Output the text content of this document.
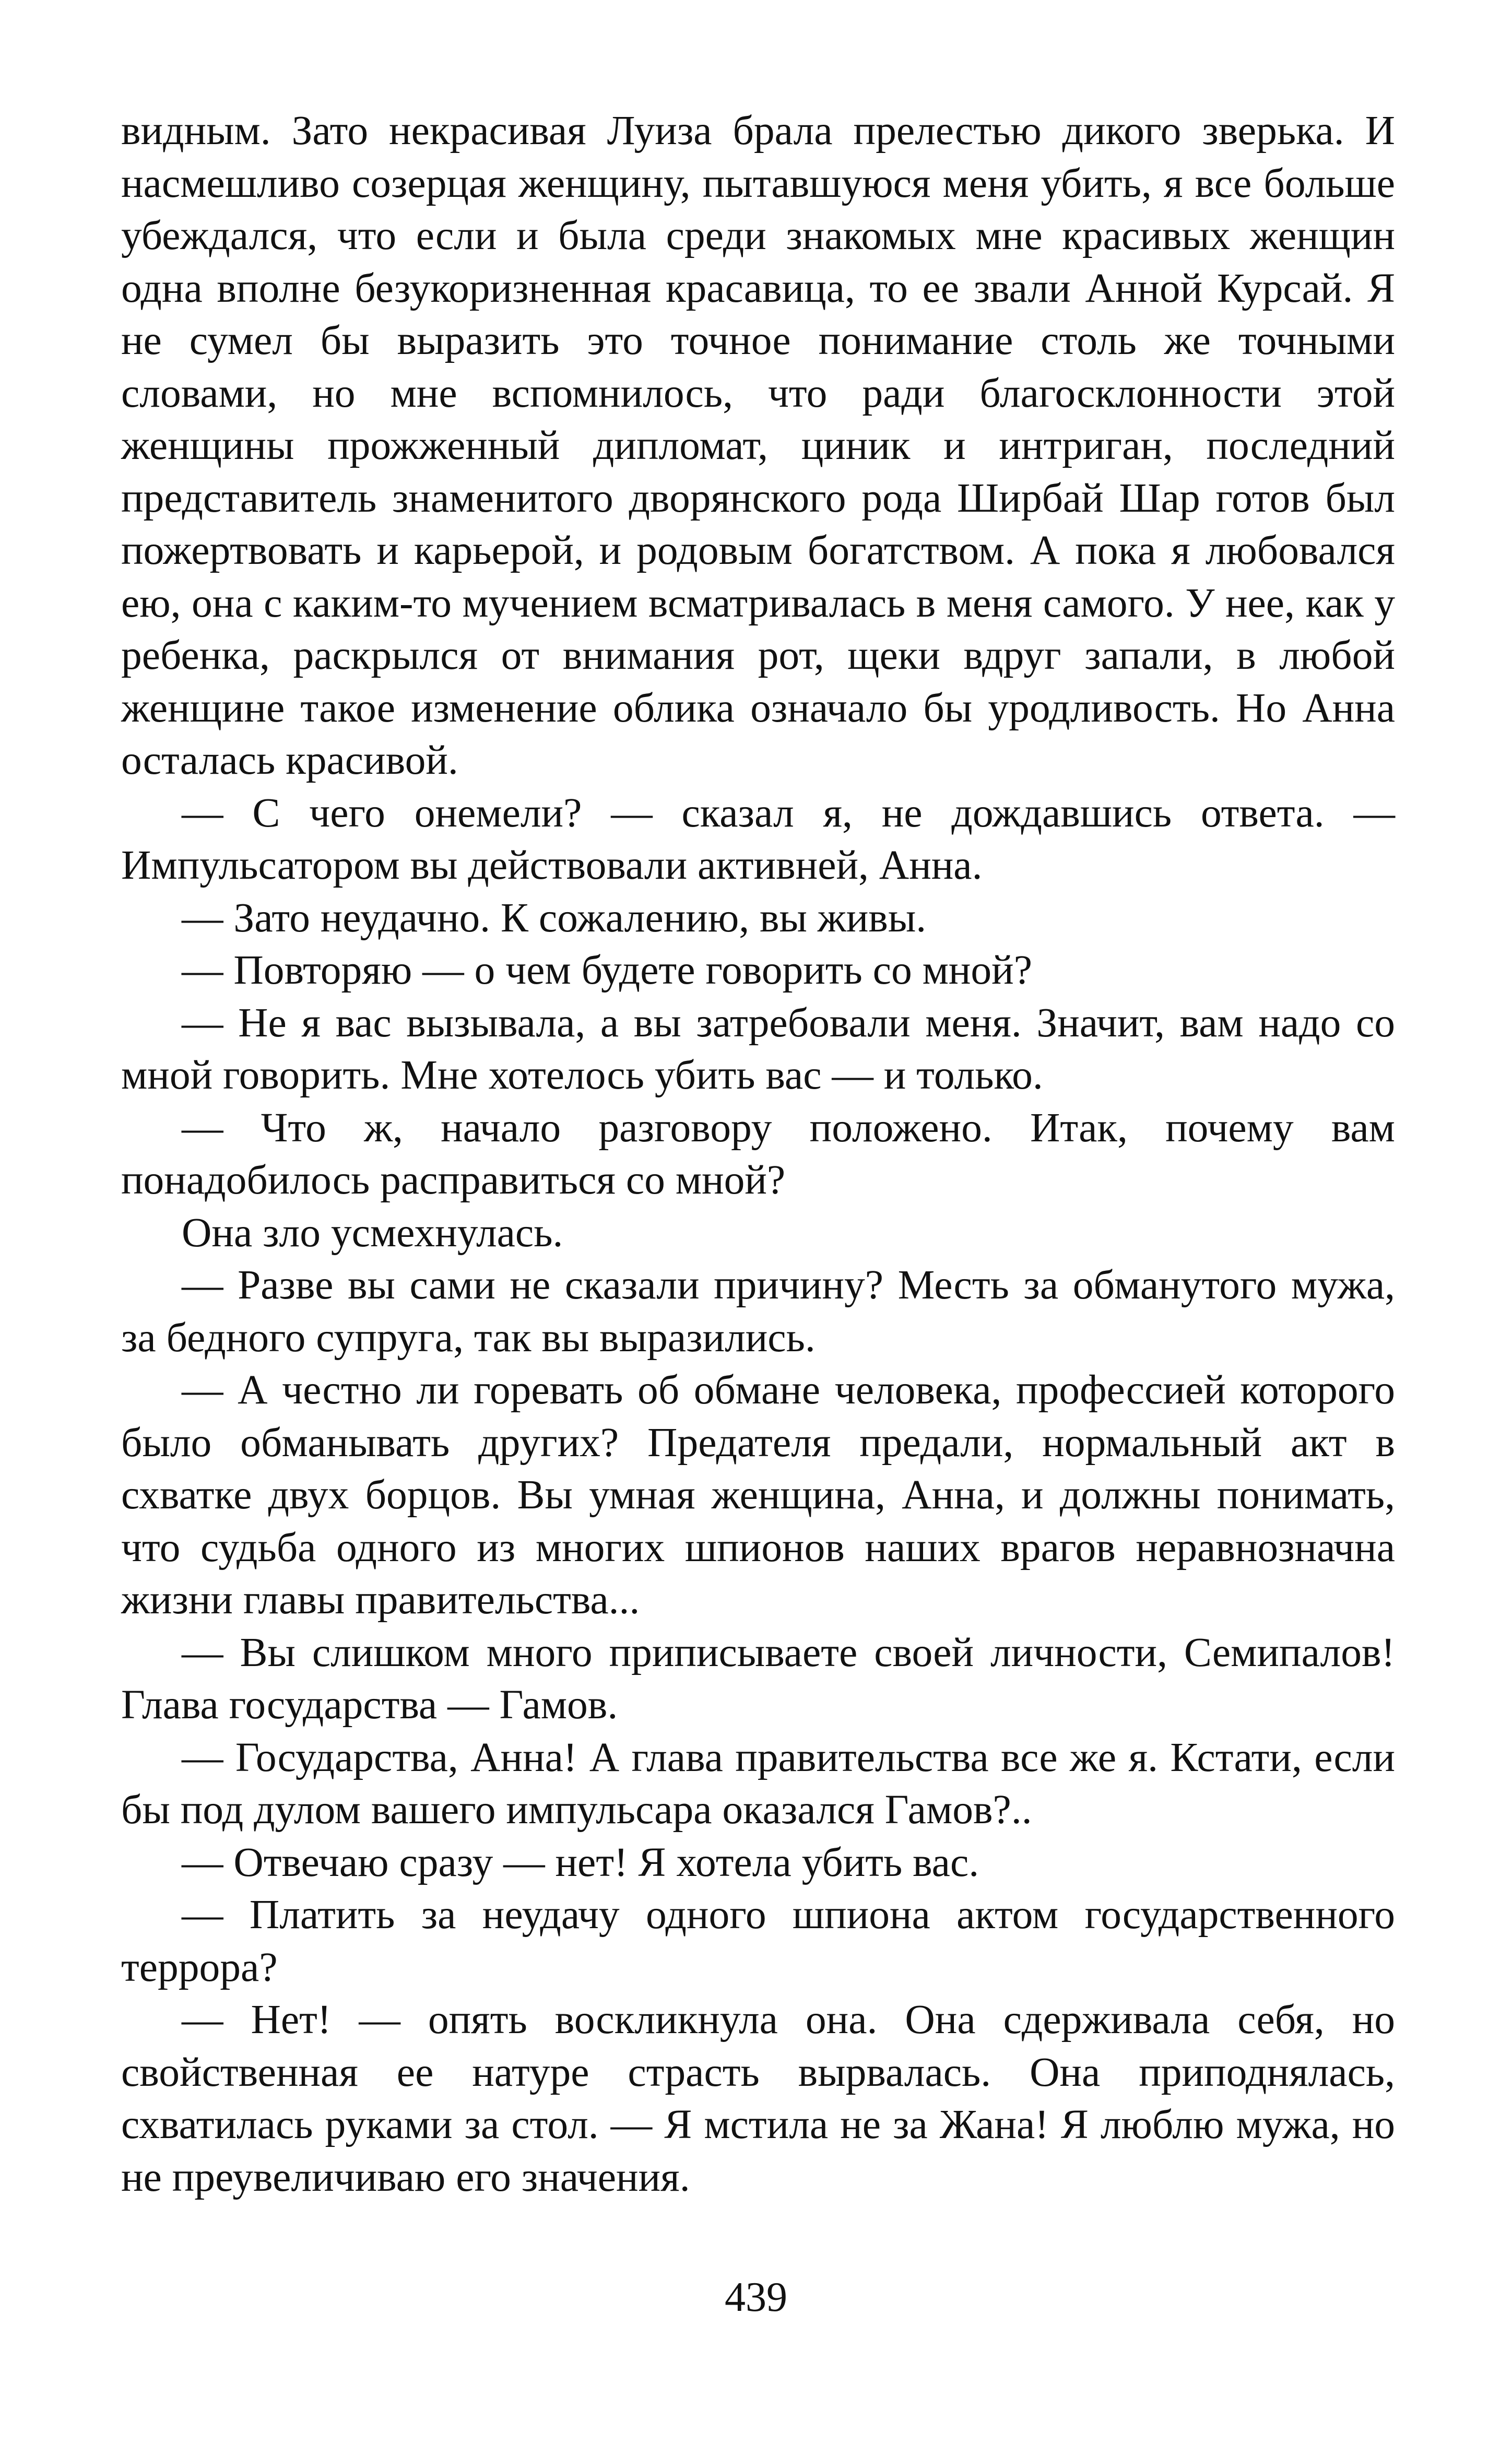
видным. Зато некрасивая Луиза брала прелестью дикого зверька. И насмешливо созерцая женщину, пытавшуюся меня убить, я все больше убеждался, что если и была среди знакомых мне красивых женщин одна вполне безукоризненная красавица, то ее звали Анной Курсай. Я не сумел бы выразить это точное понимание столь же точными словами, но мне вспомнилось, что ради благосклонности этой женщины прожженный дипломат, циник и интриган, последний представитель знаменитого дворянского рода Ширбай Шар готов был пожертвовать и карьерой, и родовым богатством. А пока я любовался ею, она с каким-то мучением всматривалась в меня самого. У нее, как у ребенка, раскрылся от внимания рот, щеки вдруг запали, в любой женщине такое изменение облика означало бы уродливость. Но Анна осталась красивой.

— С чего онемели? — сказал я, не дождавшись ответа. — Импульсатором вы действовали активней, Анна.

— Зато неудачно. К сожалению, вы живы.

— Повторяю — о чем будете говорить со мной?

— Не я вас вызывала, а вы затребовали меня. Значит, вам надо со мной говорить. Мне хотелось убить вас — и только.

— Что ж, начало разговору положено. Итак, почему вам понадобилось расправиться со мной?

Она зло усмехнулась.

— Разве вы сами не сказали причину? Месть за обманутого мужа, за бедного супруга, так вы выразились.

— А честно ли горевать об обмане человека, профессией которого было обманывать других? Предателя предали, нормальный акт в схватке двух борцов. Вы умная женщина, Анна, и должны понимать, что судьба одного из многих шпионов наших врагов неравнозначна жизни главы правительства...

— Вы слишком много приписываете своей личности, Семипалов! Глава государства — Гамов.

— Государства, Анна! А глава правительства все же я. Кстати, если бы под дулом вашего импульсара оказался Гамов?..

— Отвечаю сразу — нет! Я хотела убить вас.

— Платить за неудачу одного шпиона актом государственного террора?

— Нет! — опять воскликнула она. Она сдерживала себя, но свойственная ее натуре страсть вырвалась. Она приподнялась, схватилась руками за стол. — Я мстила не за Жана! Я люблю мужа, но не преувеличиваю его значения.

439
